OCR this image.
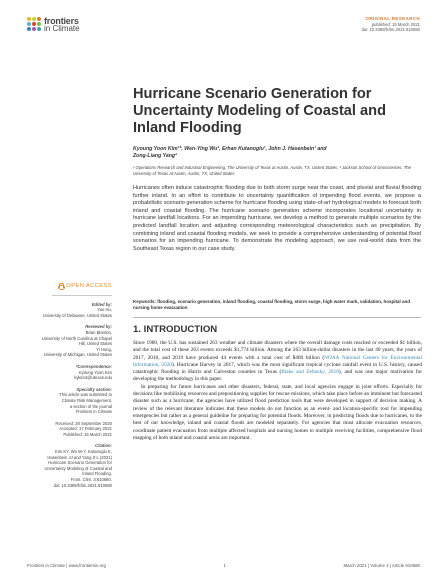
frontiers
in Climate
ORIGINAL RESEARCH
published: 15 March 2021
doi: 10.3389/fclim.2021.610680
Hurricane Scenario Generation for Uncertainty Modeling of Coastal and Inland Flooding
Kyoung Yoon Kim¹*, Wen-Ying Wu², Erhan Kutanoglu¹, John J. Hasenbein¹ and
Zong-Liang Yang²
¹ Operations Research and Industrial Engineering, The University of Texas at Austin, Austin, TX, United States, ² Jackson School of Geosciences, The University of Texas at Austin, Austin, TX, United States

Hurricanes often induce catastrophic flooding due to both storm surge near the coast, and pluvial and fluvial flooding further inland. In an effort to contribute to uncertainty quantification of impending flood events, we propose a probabilistic scenario generation scheme for hurricane flooding using state-of-art hydrological models to forecast both inland and coastal flooding. The hurricane scenario generation scheme incorporates locational uncertainty in hurricane landfall locations. For an impending hurricane, we develop a method to generate multiple scenarios by the predicted landfall location and adjusting corresponding meteorological characteristics such as precipitation. By combining inland and coastal flooding models, we seek to provide a comprehensive understanding of potential flood scenarios for an impending hurricane. To demonstrate the modeling approach, we use real-world data from the Southeast Texas region in our case study.

Keywords: flooding, scenario generation, inland flooding, coastal flooding, storm surge, high water mark, validation, hospital and nursing home evacuation
1. INTRODUCTION

Since 1980, the U.S. has sustained 263 weather and climate disasters where the overall damage costs reached or exceeded $1 billion, and the total cost of these 263 events exceeds $1,774 billion. Among the 263 billion-dollar disasters in the last 40 years, the years of 2017, 2018, and 2019 have produced 44 events with a total cost of $460 billion (NOAA National Centers for Environmental Information, 2020). Hurricane Harvey in 2017, which was the most significant tropical cyclone rainfall event in U.S. history, caused catastrophic flooding in Harris and Galveston counties in Texas (Blake and Zelinsky, 2018), and was one major motivation for developing the methodology in this paper.

In preparing for future hurricanes and other disasters, federal, state, and local agencies engage in joint efforts. Especially for decisions like mobilizing resources and prepositioning supplies for rescue missions, which take place before an imminent but forecasted disaster such as a hurricane, the agencies have utilized flood prediction tools that were developed in support of decision making. A review of the relevant literature indicates that these models do not function as an event- and location-specific tool for impending emergencies but rather as a general guideline for preparing for potential floods. Moreover, in predicting floods due to hurricanes, to the best of our knowledge, inland and coastal floods are modeled separately. For agencies that must allocate evacuation resources, coordinate patient evacuation from multiple affected hospitals and nursing homes to multiple receiving facilities, comprehensive flood mapping of both inland and coastal areas are important.

OPEN ACCESS
Edited by:
Yao Hu,
University of Delaware, United States
Reviewed by:
Brian Blanton,
University of North Carolina at Chapel
Hill, United States
Yi Hong,
University of Michigan, United States
*Correspondence:
Kyoung Yoon Kim
kykim4@utexas.edu
Specialty section:
This article was submitted to
Climate Risk Management,
a section of the journal
Frontiers in Climate
Received: 28 September 2020
Accepted: 17 February 2021
Published: 15 March 2021
Citation:
Kim KY, Wu W-Y, Kutanoglu E,
Hasenbein JJ and Yang Z-L (2021)
Hurricane Scenario Generation for
Uncertainty Modeling of Coastal and
Inland Flooding.
Front. Clim. 3:610680.
doi: 10.3389/fclim.2021.610680
Frontiers in Climate | www.frontiersin.org	1	March 2021 | Volume 3 | Article 610680
